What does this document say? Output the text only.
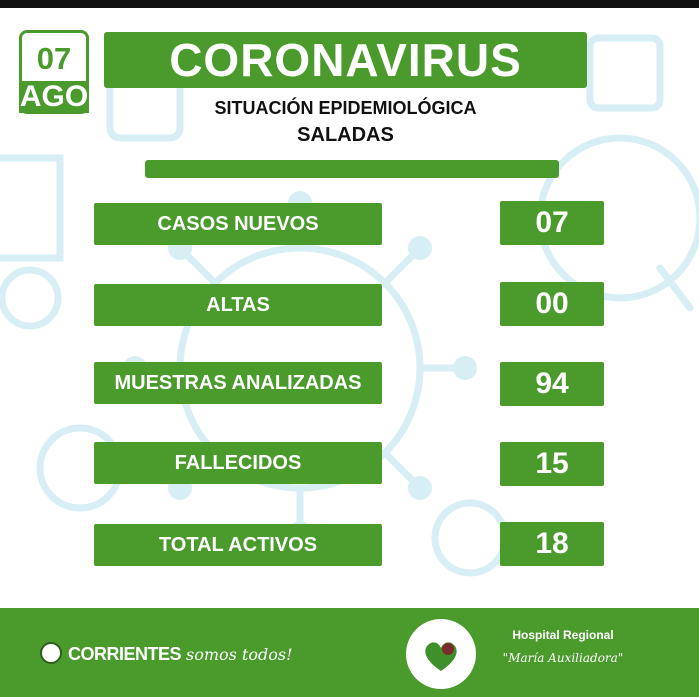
07
AGO
CORONAVIRUS
SITUACIÓN EPIDEMIOLÓGICA
SALADAS
CASOS NUEVOS	07
ALTAS	00
MUESTRAS ANALIZADAS	94
FALLECIDOS	15
TOTAL ACTIVOS	18
CORRIENTES somos todos!
Hospital Regional
"María Auxiliadora"
